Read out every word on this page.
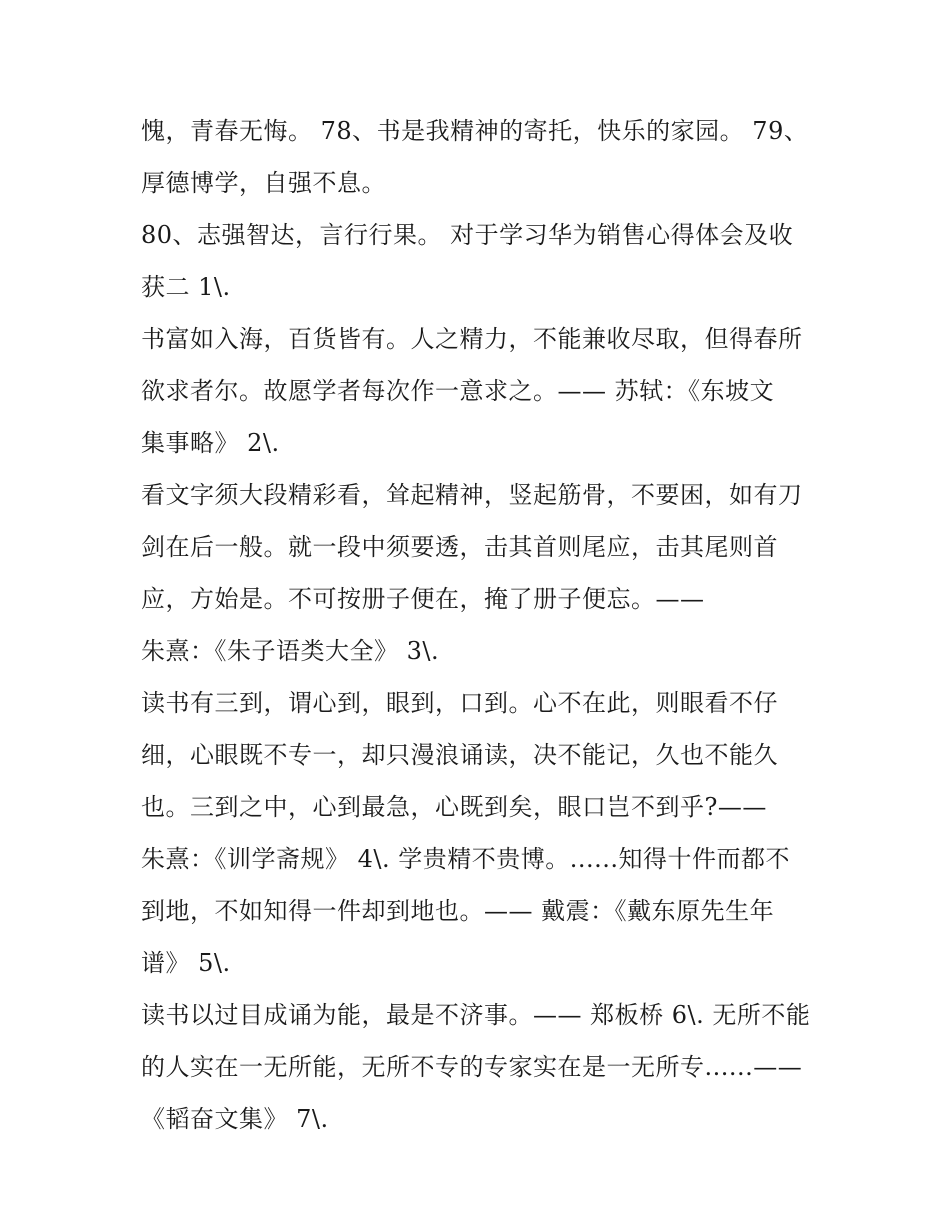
愧，青春无悔。 78、书是我精神的寄托，快乐的家园。 79、
厚德博学，自强不息。
80、志强智达，言行行果。 对于学习华为销售心得体会及收
获二 1\.
书富如入海，百货皆有。人之精力，不能兼收尽取，但得春所
欲求者尔。故愿学者每次作一意求之。—— 苏轼：《东坡文
集事略》 2\.
看文字须大段精彩看，耸起精神，竖起筋骨，不要困，如有刀
剑在后一般。就一段中须要透，击其首则尾应，击其尾则首
应，方始是。不可按册子便在，掩了册子便忘。——
朱熹：《朱子语类大全》 3\.
读书有三到，谓心到，眼到，口到。心不在此，则眼看不仔
细，心眼既不专一，却只漫浪诵读，决不能记，久也不能久
也。三到之中，心到最急，心既到矣，眼口岂不到乎?——
朱熹：《训学斋规》 4\. 学贵精不贵博。......知得十件而都不
到地，不如知得一件却到地也。—— 戴震：《戴东原先生年
谱》 5\.
读书以过目成诵为能，最是不济事。—— 郑板桥 6\. 无所不能
的人实在一无所能，无所不专的专家实在是一无所专......——
《韬奋文集》 7\.
